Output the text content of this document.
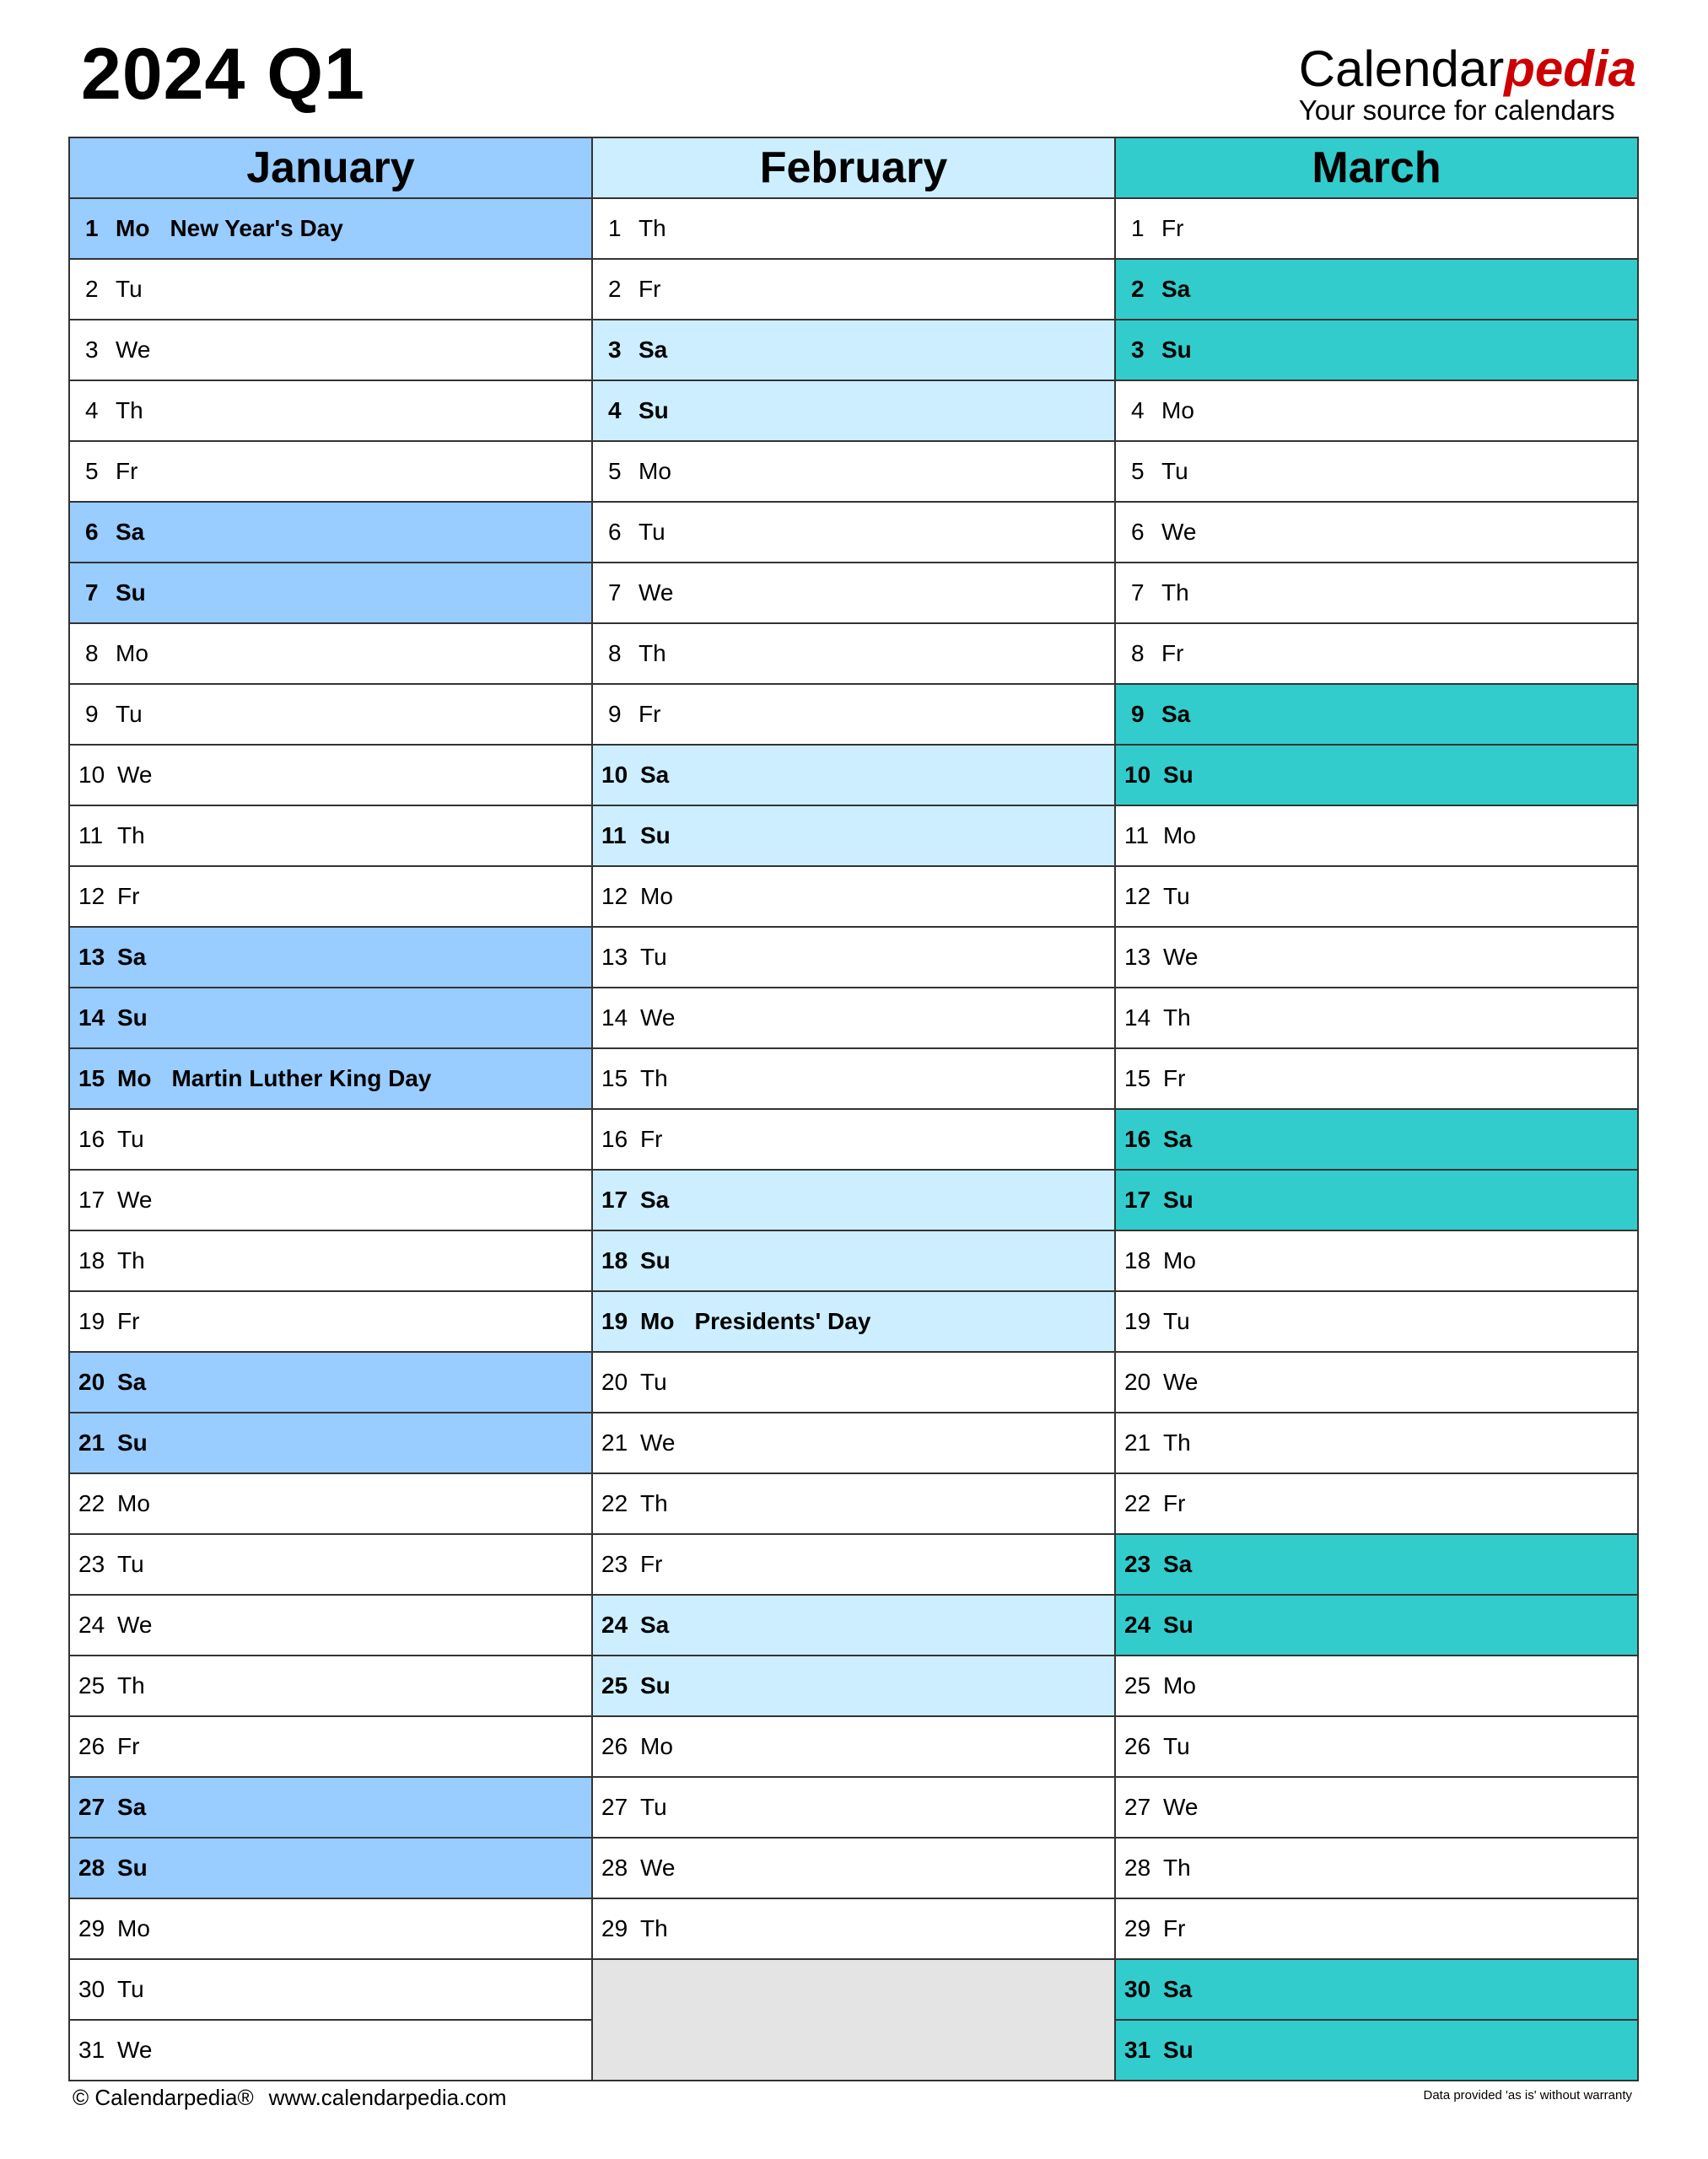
2024 Q1	Calendarpedia
Your source for calendars
January
1 Mo New Year's Day
2 Tu
3 We
4 Th
5 Fr
6 Sa
7 Su
8 Mo
9 Tu
10 We
11 Th
12 Fr
13 Sa
14 Su
15 Mo Martin Luther King Day
16 Tu
17 We
18 Th
19 Fr
20 Sa
21 Su
22 Mo
23 Tu
24 We
25 Th
26 Fr
27 Sa
28 Su
29 Mo
30 Tu
31 We
February
1 Th
2 Fr
3 Sa
4 Su
5 Mo
6 Tu
7 We
8 Th
9 Fr
10 Sa
11 Su
12 Mo
13 Tu
14 We
15 Th
16 Fr
17 Sa
18 Su
19 Mo Presidents' Day
20 Tu
21 We
22 Th
23 Fr
24 Sa
25 Su
26 Mo
27 Tu
28 We
29 Th
March
1 Fr
2 Sa
3 Su
4 Mo
5 Tu
6 We
7 Th
8 Fr
9 Sa
10 Su
11 Mo
12 Tu
13 We
14 Th
15 Fr
16 Sa
17 Su
18 Mo
19 Tu
20 We
21 Th
22 Fr
23 Sa
24 Su
25 Mo
26 Tu
27 We
28 Th
29 Fr
30 Sa
31 Su
© Calendarpedia® www.calendarpedia.com	Data provided 'as is' without warranty
